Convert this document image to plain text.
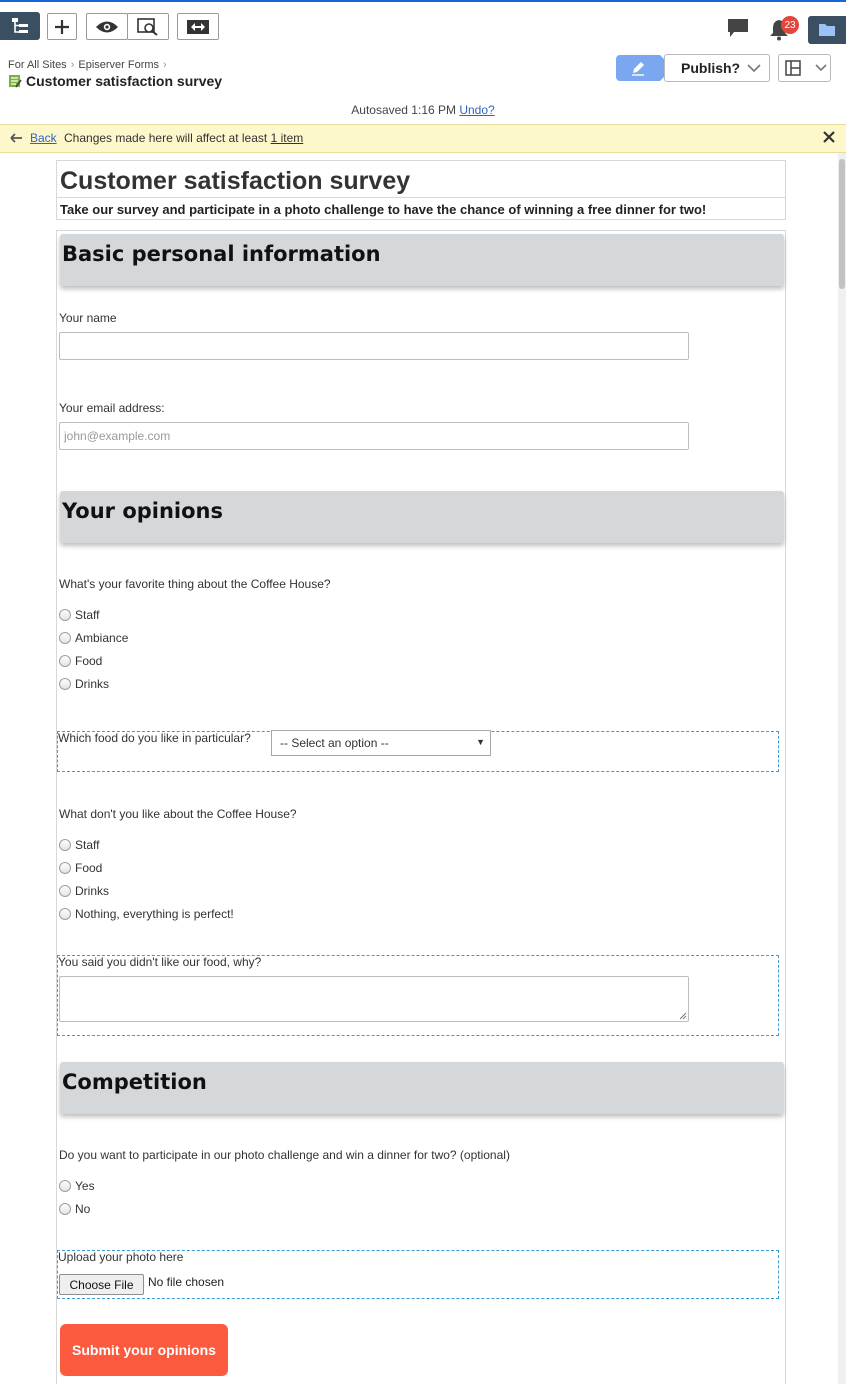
23
For All Sites › Episerver Forms ›
Customer satisfaction survey
Publish?
Autosaved 1:16 PM Undo?
Back Changes made here will affect at least 1 item
Customer satisfaction survey
Take our survey and participate in a photo challenge to have the chance of winning a free dinner for two!
Basic personal information
Your name
Your email address:
john@example.com
Your opinions
What's your favorite thing about the Coffee House?
Staff
Ambiance
Food
Drinks
Which food do you like in particular? -- Select an option --	▼
What don't you like about the Coffee House?
Staff
Food
Drinks
Nothing, everything is perfect!
You said you didn't like our food, why?
Competition
Do you want to participate in our photo challenge and win a dinner for two? (optional)
Yes
No
Upload your photo here
Choose File	No file chosen
Submit your opinions
